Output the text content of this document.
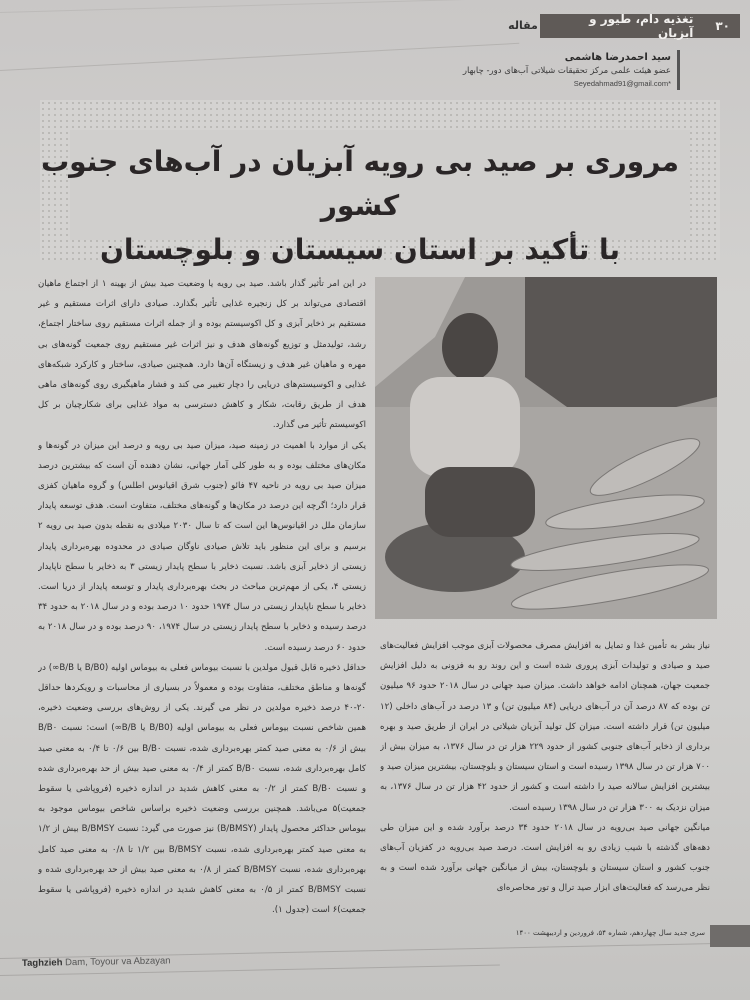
۳۰
تغذیه دام، طیور و آبزیان
مقاله
سید احمدرضا هاشمی
عضو هیئت علمی مرکز تحقیقات شیلاتی آب‌های دور- چابهار
Seyedahmad91@gmail.com*
مروری بر صید بی رویه آبزیان در آب‌های جنوب کشور
با تأکید بر استان سیستان و بلوچستان

در این امر تأثیر گذار باشد. صید بی رویه یا وضعیت صید بیش از بهینه ۱ از اجتماع ماهیان اقتصادی می‌تواند بر کل زنجیره غذایی تأثیر بگذارد. صیادی دارای اثرات مستقیم و غیر مستقیم بر ذخایر آبزی و کل اکوسیستم بوده و از جمله اثرات مستقیم روی ساختار اجتماع، رشد، تولیدمثل و توزیع گونه‌های هدف و نیز اثرات غیر مستقیم روی جمعیت گونه‌های بی مهره و ماهیان غیر هدف و زیستگاه آن‌ها دارد. همچنین صیادی، ساختار و کارکرد شبکه‌های غذایی و اکوسیستم‌های دریایی را دچار تغییر می کند و فشار ماهیگیری روی گونه‌های ماهی هدف از طریق رقابت، شکار و کاهش دسترسی به مواد غذایی برای شکارچیان بر کل اکوسیستم تأثیر می گذارد.

یکی از موارد با اهمیت در زمینه صید، میزان صید بی رویه و درصد این میزان در گونه‌ها و مکان‌های مختلف بوده و به طور کلی آمار جهانی، نشان دهنده آن است که بیشترین درصد میزان صید بی رویه در ناحیه ۴۷ فائو (جنوب شرق اقیانوس اطلس) و گروه ماهیان کفزی قرار دارد؛ اگرچه این درصد در مکان‌ها و گونه‌های مختلف، متفاوت است. هدف توسعه پایدار سازمان ملل در اقیانوس‌ها این است که تا سال ۲۰۳۰ میلادی به نقطه بدون صید بی رویه ۲ برسیم و برای این منظور باید تلاش صیادی ناوگان صیادی در محدوده بهره‌برداری پایدار زیستی از ذخایر آبزی باشد. نسبت ذخایر با سطح پایدار زیستی ۳ به ذخایر با سطح ناپایدار زیستی ۴، یکی از مهم‌ترین مباحث در بحث بهره‌برداری پایدار و توسعه پایدار از دریا است. ذخایر با سطح ناپایدار زیستی در سال ۱۹۷۴ حدود ۱۰ درصد بوده و در سال ۲۰۱۸ به حدود ۳۴ درصد رسیده و ذخایر با سطح پایدار زیستی در سال ۱۹۷۴، ۹۰ درصد بوده و در سال ۲۰۱۸ به حدود ۶۰ درصد رسیده است.

حداقل ذخیره قابل قبول مولدین با نسبت بیوماس فعلی به بیوماس اولیه (B/B0 یا B/B∞) در گونه‌ها و مناطق مختلف، متفاوت بوده و معمولاً در بسیاری از محاسبات و رویکردها حداقل ۲۰-۴۰ درصد ذخیره مولدین در نظر می گیرند. یکی از روش‌های بررسی وضعیت ذخیره، همین شاخص نسبت بیوماس فعلی به بیوماس اولیه (B/B0 یا B/B∞) است: نسبت B/B۰ بیش از ۰/۶ به معنی صید کمتر بهره‌برداری شده، نسبت B/B۰ بین ۰/۶ تا ۰/۴ به معنی صید کامل بهره‌برداری شده، نسبت B/B۰ کمتر از ۰/۴ به معنی صید بیش از حد بهره‌برداری شده و نسبت B/B۰ کمتر از ۰/۲ به معنی کاهش شدید در اندازه ذخیره (فروپاشی یا سقوط جمعیت)۵ می‌باشد. همچنین بررسی وضعیت ذخیره براساس شاخص بیوماس موجود به بیوماس حداکثر محصول پایدار (B/BMSY) نیز صورت می گیرد: نسبت B/BMSY بیش از ۱/۲ به معنی صید کمتر بهره‌برداری شده، نسبت B/BMSY بین ۱/۲ تا ۰/۸ به معنی صید کامل بهره‌برداری شده، نسبت B/BMSY کمتر از ۰/۸ به معنی صید بیش از حد بهره‌برداری شده و نسبت B/BMSY کمتر از ۰/۵ به معنی کاهش شدید در اندازه ذخیره (فروپاشی یا سقوط جمعیت)۶ است (جدول ۱).

نیاز بشر به تأمین غذا و تمایل به افزایش مصرف محصولات آبزی موجب افزایش فعالیت‌های صید و صیادی و تولیدات آبزی پروری شده است و این روند رو به فزونی به دلیل افزایش جمعیت جهان، همچنان ادامه خواهد داشت. میزان صید جهانی در سال ۲۰۱۸ حدود ۹۶ میلیون تن بوده که ۸۷ درصد آن در آب‌های دریایی (۸۴ میلیون تن) و ۱۳ درصد در آب‌های داخلی (۱۲ میلیون تن) قرار داشته است. میزان کل تولید آبزیان شیلاتی در ایران از طریق صید و بهره برداری از ذخایر آب‌های جنوبی کشور از حدود ۲۲۹ هزار تن در سال ۱۳۷۶، به میزان بیش از ۷۰۰ هزار تن در سال ۱۳۹۸ رسیده است و استان سیستان و بلوچستان، بیشترین میزان صید و بیشترین افزایش سالانه صید را داشته است و کشور از حدود ۴۲ هزار تن در سال ۱۳۷۶، به میزان نزدیک به ۳۰۰ هزار تن در سال ۱۳۹۸ رسیده است.

میانگین جهانی صید بی‌رویه در سال ۲۰۱۸ حدود ۳۴ درصد برآورد شده و این میزان طی دهه‌های گذشته با شیب زیادی رو به افزایش است. درصد صید بی‌رویه در کفزیان آب‌های جنوب کشور و استان سیستان و بلوچستان، بیش از میانگین جهانی برآورد شده است و به نظر می‌رسد که فعالیت‌های ابزار صید ترال و تور محاصره‌ای

سری جدید سال چهاردهم، شماره ۵۴، فروردین و اردیبهشت ۱۴۰۰
Taghzieh Dam, Toyour va Abzayan
